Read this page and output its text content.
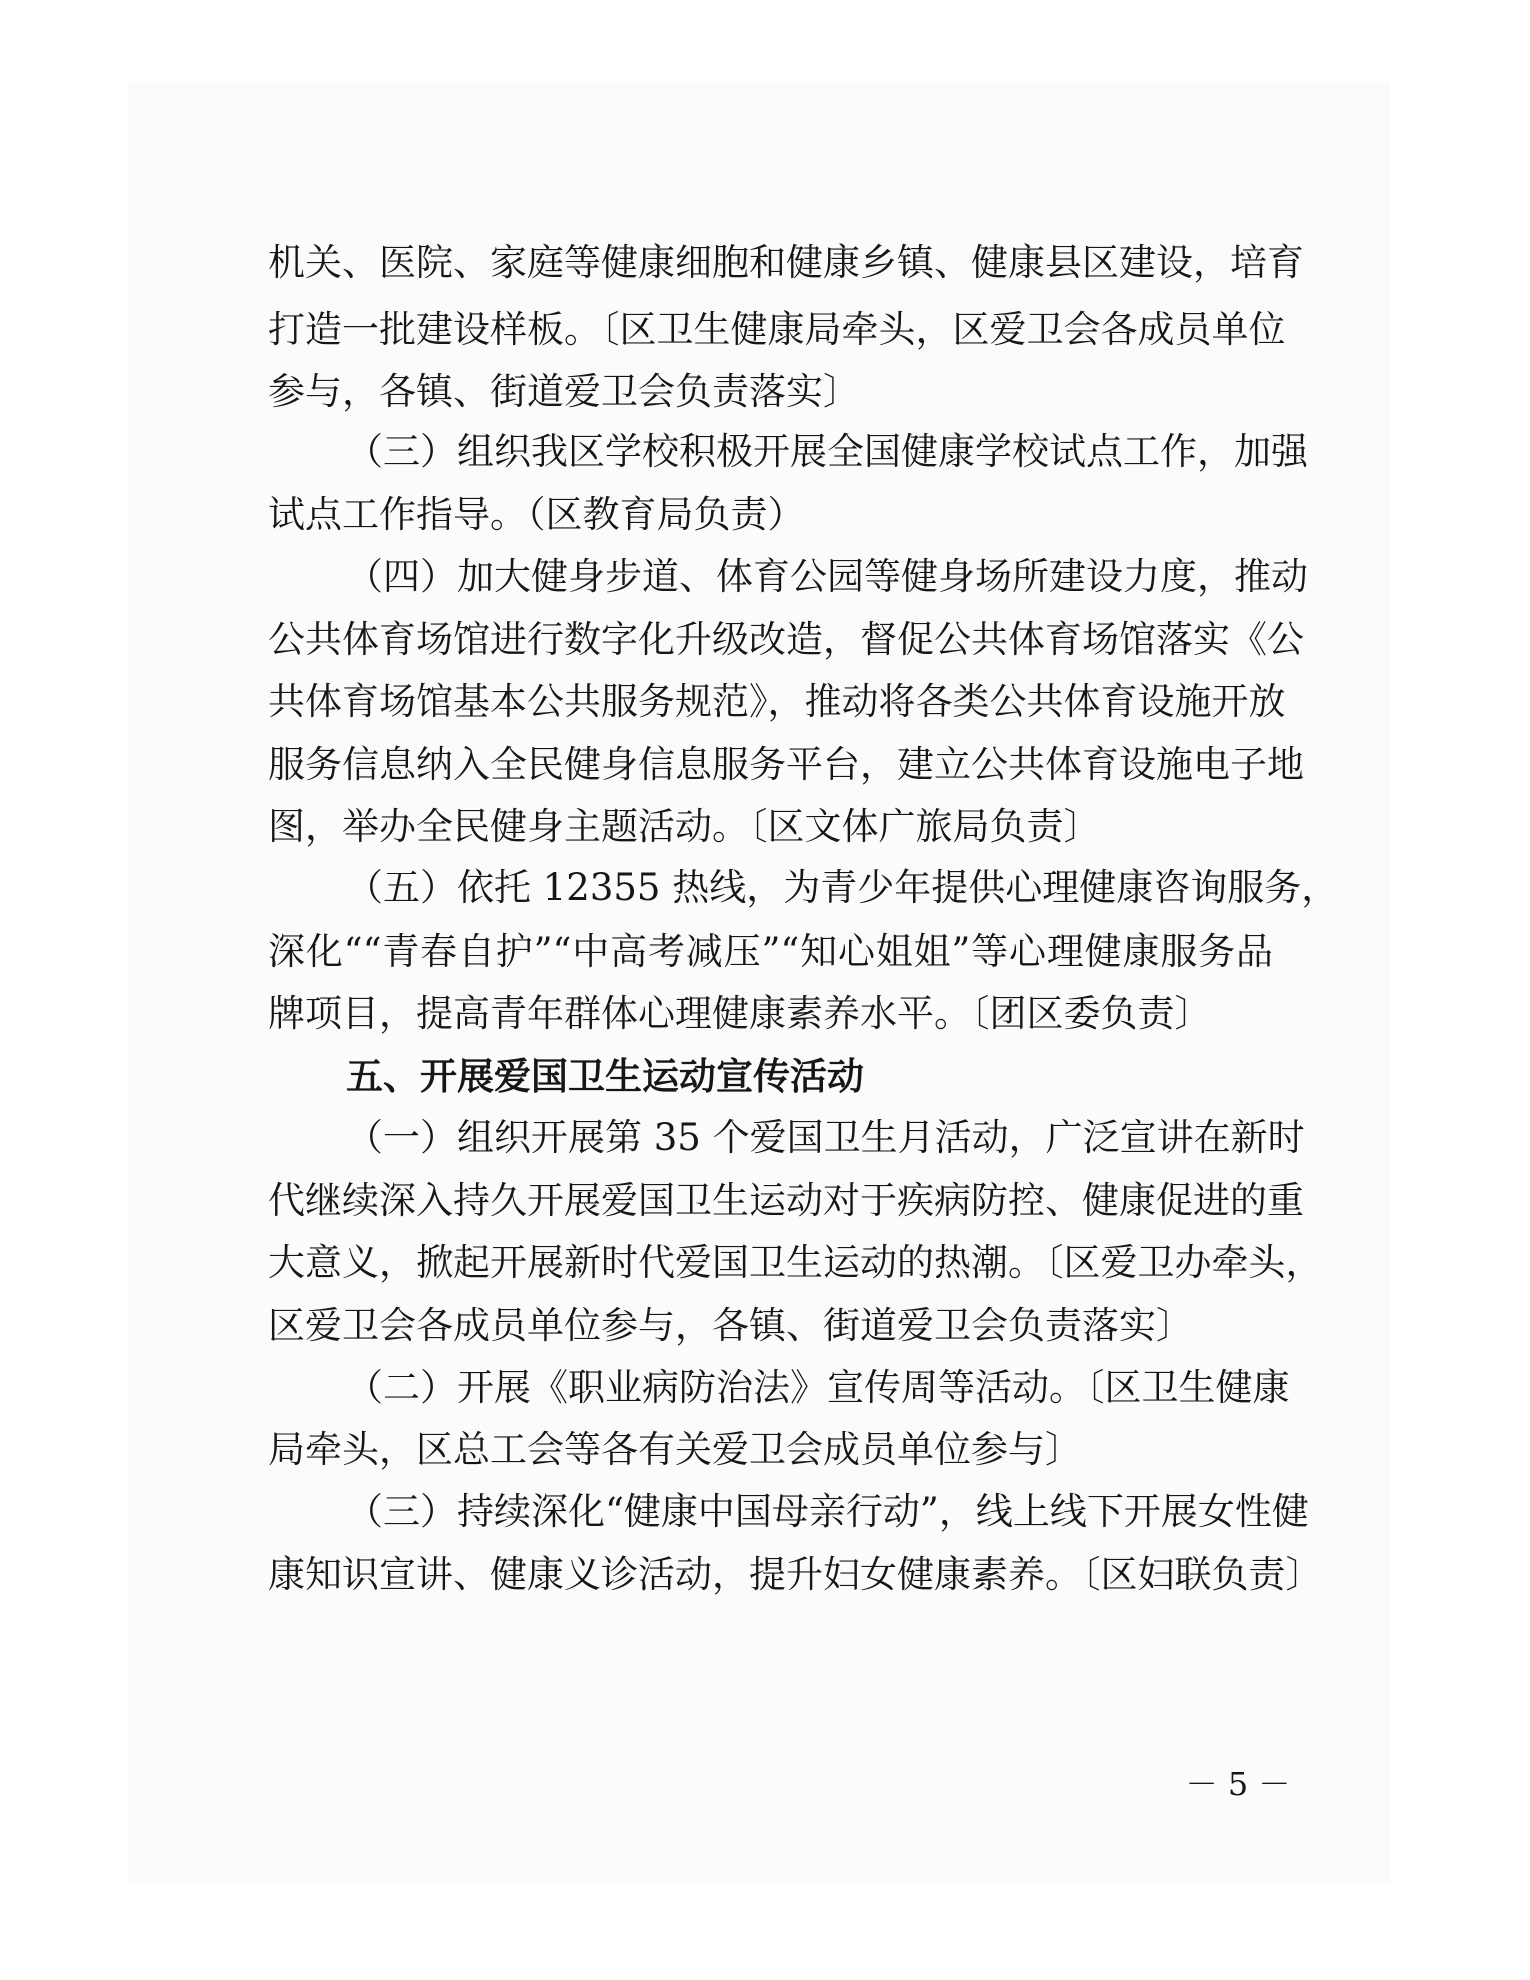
机关、医院、家庭等健康细胞和健康乡镇、健康县区建设，培育
打造一批建设样板。〔区卫生健康局牵头，区爱卫会各成员单位
参与，各镇、街道爱卫会负责落实〕
（三）组织我区学校积极开展全国健康学校试点工作，加强
试点工作指导。（区教育局负责）
（四）加大健身步道、体育公园等健身场所建设力度，推动
公共体育场馆进行数字化升级改造，督促公共体育场馆落实《公
共体育场馆基本公共服务规范》，推动将各类公共体育设施开放
服务信息纳入全民健身信息服务平台，建立公共体育设施电子地
图，举办全民健身主题活动。〔区文体广旅局负责〕
（五）依托 12355 热线，为青少年提供心理健康咨询服务，
深化““青春自护”“中高考减压”“知心姐姐”等心理健康服务品
牌项目，提高青年群体心理健康素养水平。〔团区委负责〕
五、开展爱国卫生运动宣传活动
（一）组织开展第 35 个爱国卫生月活动，广泛宣讲在新时
代继续深入持久开展爱国卫生运动对于疾病防控、健康促进的重
大意义，掀起开展新时代爱国卫生运动的热潮。〔区爱卫办牵头，
区爱卫会各成员单位参与，各镇、街道爱卫会负责落实〕
（二）开展《职业病防治法》宣传周等活动。〔区卫生健康
局牵头，区总工会等各有关爱卫会成员单位参与〕
（三）持续深化“健康中国母亲行动”，线上线下开展女性健
康知识宣讲、健康义诊活动，提升妇女健康素养。〔区妇联负责〕
－ 5 －
